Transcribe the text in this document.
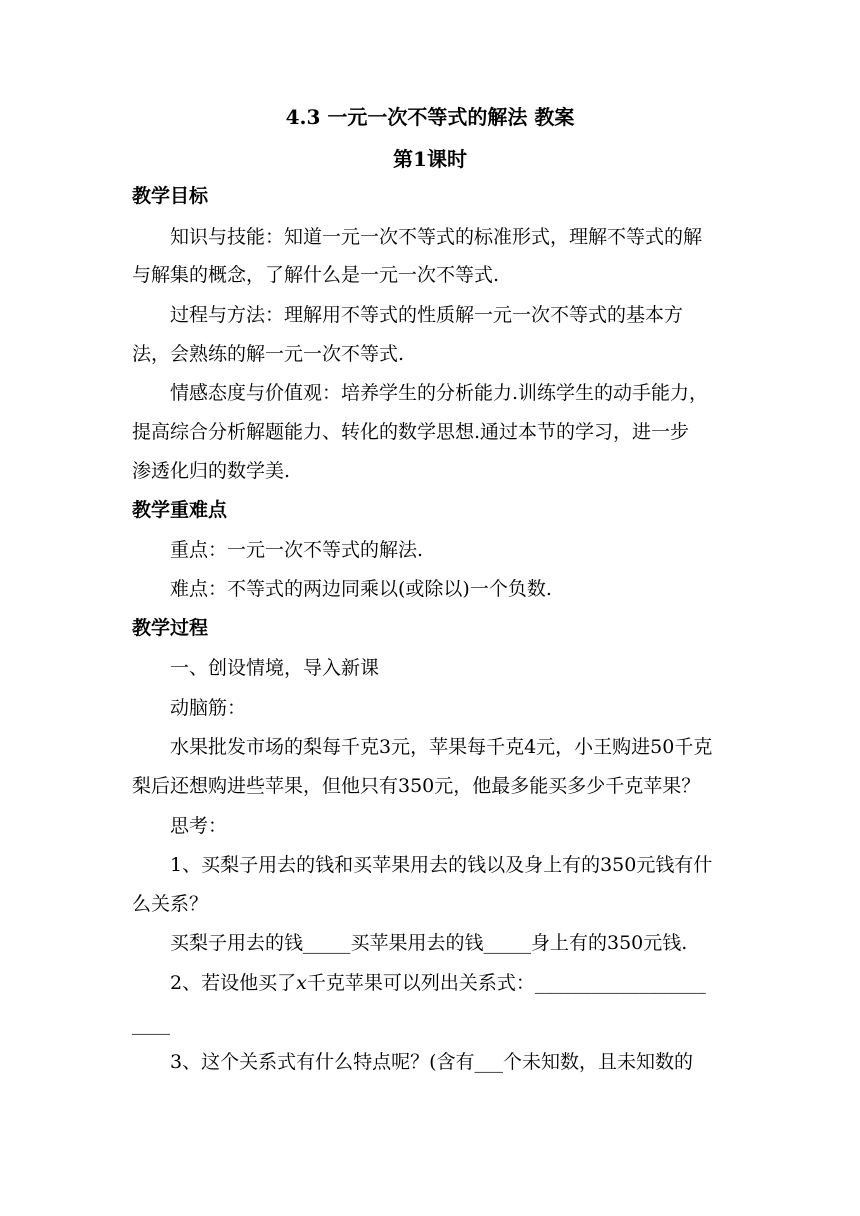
4.3 一元一次不等式的解法 教案
第1课时
教学目标
知识与技能：知道一元一次不等式的标准形式，理解不等式的解
与解集的概念，了解什么是一元一次不等式.
过程与方法：理解用不等式的性质解一元一次不等式的基本方
法，会熟练的解一元一次不等式.
情感态度与价值观：培养学生的分析能力.训练学生的动手能力，
提高综合分析解题能力、转化的数学思想.通过本节的学习，进一步
渗透化归的数学美.
教学重难点
重点：一元一次不等式的解法.
难点：不等式的两边同乘以(或除以)一个负数.
教学过程
一、创设情境，导入新课
动脑筋：
水果批发市场的梨每千克3元，苹果每千克4元，小王购进50千克
梨后还想购进些苹果，但他只有350元，他最多能买多少千克苹果？
思考：
1、买梨子用去的钱和买苹果用去的钱以及身上有的350元钱有什
么关系？
买梨子用去的钱_____买苹果用去的钱_____身上有的350元钱.
2、若设他买了x千克苹果可以列出关系式：__________________
____
3、这个关系式有什么特点呢？(含有___个未知数，且未知数的
